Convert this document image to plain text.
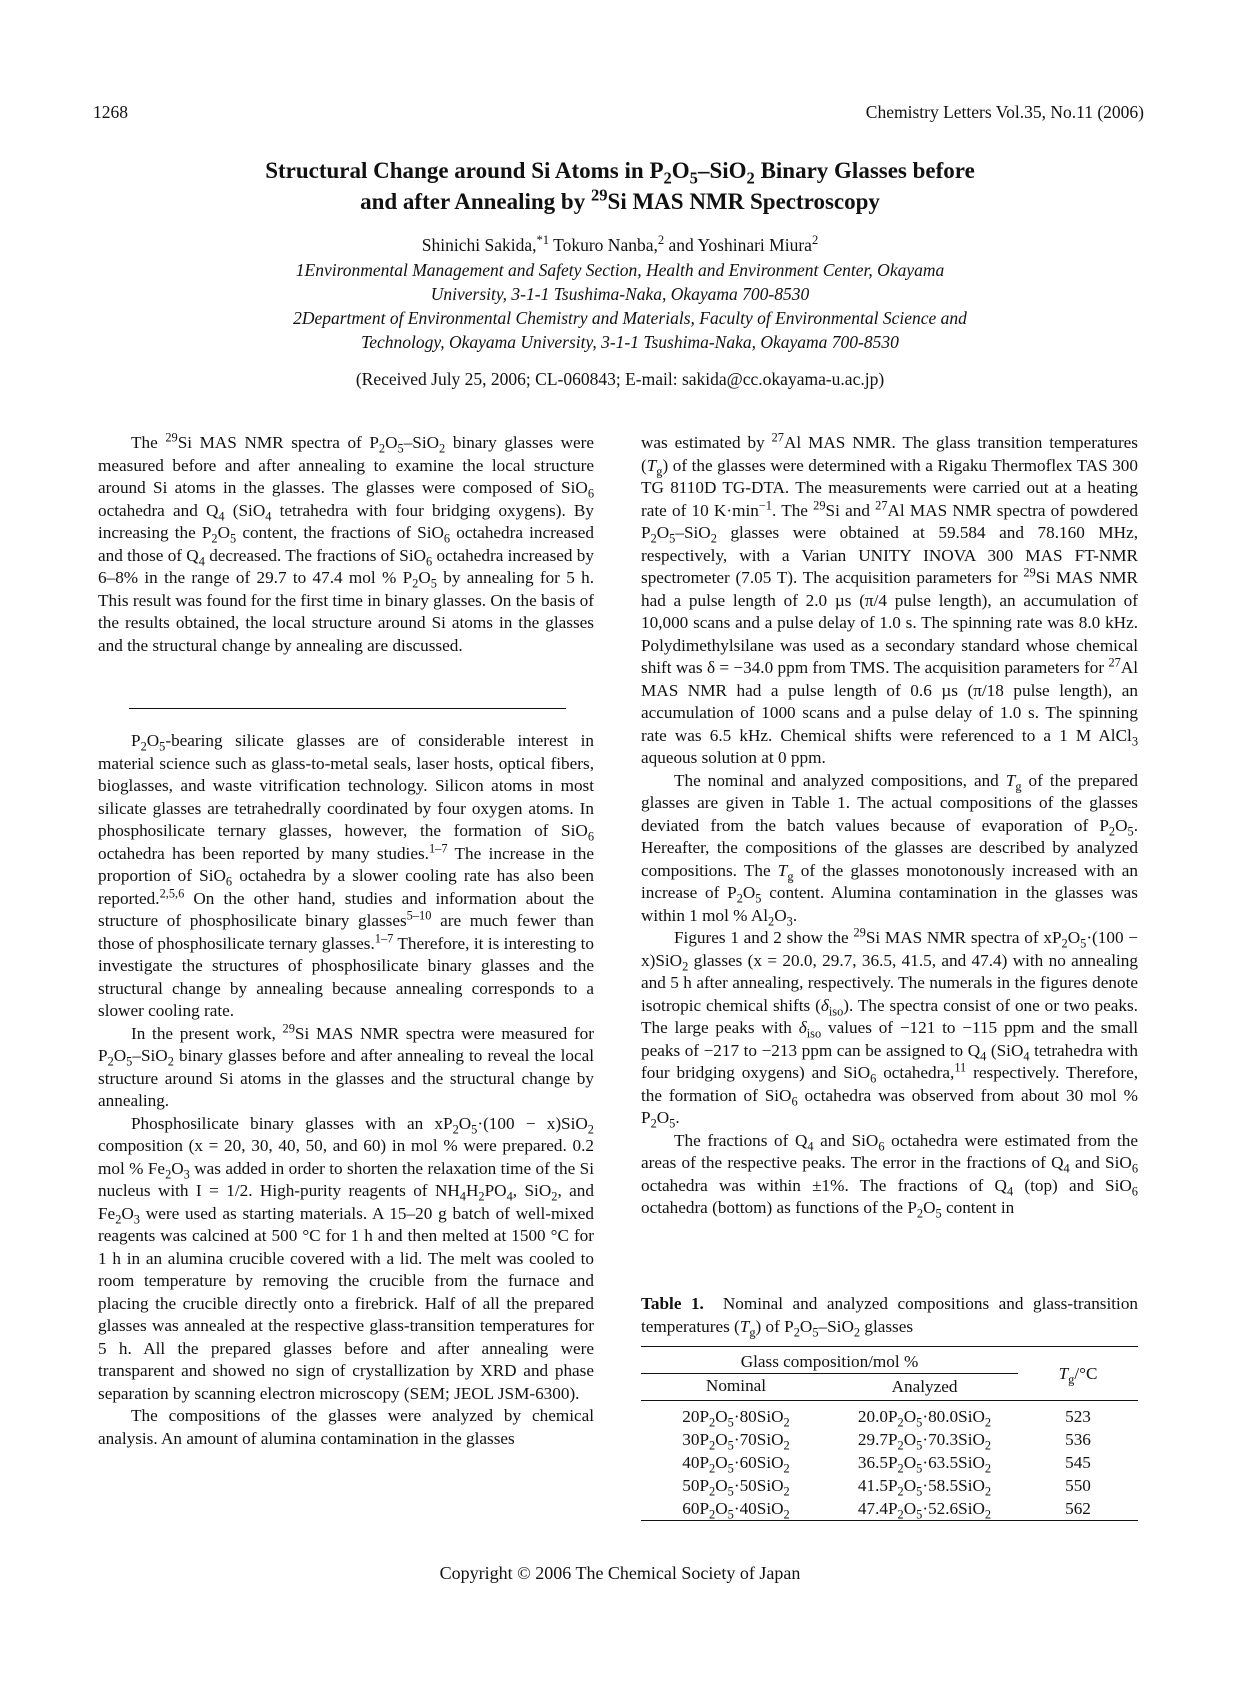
1268	Chemistry Letters Vol.35, No.11 (2006)
Structural Change around Si Atoms in $P_2O_5-SiO_2$ Binary Glasses before
and after Annealing by $^{29}$Si MAS NMR Spectroscopy
Shinichi Sakida,$^{*1}$ Tokuro Nanba,$^2$ and Yoshinari Miura$^2$
1Environmental Management and Safety Section, Health and Environment Center, Okayama University, 3-1-1 Tsushima-Naka, Okayama 700-8530
2Department of Environmental Chemistry and Materials, Faculty of Environmental Science and Technology, Okayama University, 3-1-1 Tsushima-Naka, Okayama 700-8530
(Received July 25, 2006; CL-060843; E-mail: sakida@cc.okayama-u.ac.jp)

The $^{29}$Si MAS NMR spectra of $P_2O_5-SiO_2$ binary glasses were measured before and after annealing to examine the local structure around Si atoms in the glasses. The glasses were composed of SiO$_6$ octahedra and $Q_4$ (SiO$_4$ tetrahedra with four bridging oxygens). By increasing the $P_2O_5$ content, the fractions of SiO$_6$ octahedra increased and those of $Q_4$ decreased. The fractions of SiO$_6$ octahedra increased by 6–8% in the range of 29.7 to 47.4 mol % $P_2O_5$ by annealing for 5 h. This result was found for the first time in binary glasses. On the basis of the results obtained, the local structure around Si atoms in the glasses and the structural change by annealing are discussed.

$P_2O_5$-bearing silicate glasses are of considerable interest in material science such as glass-to-metal seals, laser hosts, optical fibers, bioglasses, and waste vitrification technology. Silicon atoms in most silicate glasses are tetrahedrally coordinated by four oxygen atoms. In phosphosilicate ternary glasses, however, the formation of SiO$_6$ octahedra has been reported by many studies.$^{1-7}$ The increase in the proportion of SiO$_6$ octahedra by a slower cooling rate has also been reported.$^{2,5,6}$ On the other hand, studies and information about the structure of phosphosilicate binary glasses$^{5-10}$ are much fewer than those of phosphosilicate ternary glasses.$^{1-7}$ Therefore, it is interesting to investigate the structures of phosphosilicate binary glasses and the structural change by annealing because annealing corresponds to a slower cooling rate.

In the present work, $^{29}$Si MAS NMR spectra were measured for $P_2O_5-SiO_2$ binary glasses before and after annealing to reveal the local structure around Si atoms in the glasses and the structural change by annealing.

Phosphosilicate binary glasses with an $xP_2O_5\cdot(100 - x)SiO_2$ composition (x = 20, 30, 40, 50, and 60) in mol % were prepared. 0.2 mol % $Fe_2O_3$ was added in order to shorten the relaxation time of the Si nucleus with I = 1/2. High-purity reagents of $NH_4H_2PO_4$, SiO$_2$, and $Fe_2O_3$ were used as starting materials. A 15–20 g batch of well-mixed reagents was calcined at 500 °C for 1 h and then melted at 1500 °C for 1 h in an alumina crucible covered with a lid. The melt was cooled to room temperature by removing the crucible from the furnace and placing the crucible directly onto a firebrick. Half of all the prepared glasses was annealed at the respective glass-transition temperatures for 5 h. All the prepared glasses before and after annealing were transparent and showed no sign of crystallization by XRD and phase separation by scanning electron microscopy (SEM; JEOL JSM-6300).

The compositions of the glasses were analyzed by chemical analysis. An amount of alumina contamination in the glasses

was estimated by $^{27}$Al MAS NMR. The glass transition temperatures $(T_g)$ of the glasses were determined with a Rigaku Thermoflex TAS 300 TG 8110D TG-DTA. The measurements were carried out at a heating rate of 10 $K\cdot\min^{-1}$. The $^{29}$Si and $^{27}$Al MAS NMR spectra of powdered $P_2O_5-SiO_2$ glasses were obtained at 59.584 and 78.160 MHz, respectively, with a Varian UNITY INOVA 300 MAS FT-NMR spectrometer (7.05 T). The acquisition parameters for $^{29}$Si MAS NMR had a pulse length of 2.0 µs (π/4 pulse length), an accumulation of 10,000 scans and a pulse delay of 1.0 s. The spinning rate was 8.0 kHz. Polydimethylsilane was used as a secondary standard whose chemical shift was δ = −34.0 ppm from TMS. The acquisition parameters for $^{27}$Al MAS NMR had a pulse length of 0.6 µs (π/18 pulse length), an accumulation of 1000 scans and a pulse delay of 1.0 s. The spinning rate was 6.5 kHz. Chemical shifts were referenced to a 1 M AlCl$_3$ aqueous solution at 0 ppm.

The nominal and analyzed compositions, and $T_g$ of the prepared glasses are given in Table 1. The actual compositions of the glasses deviated from the batch values because of evaporation of $P_2O_5$. Hereafter, the compositions of the glasses are described by analyzed compositions. The $T_g$ of the glasses monotonously increased with an increase of $P_2O_5$ content. Alumina contamination in the glasses was within 1 mol % $Al_2O_3$.

Figures 1 and 2 show the $^{29}$Si MAS NMR spectra of $xP_2O_5\cdot(100 - x)SiO_2$ glasses (x = 20.0, 29.7, 36.5, 41.5, and 47.4) with no annealing and 5 h after annealing, respectively. The numerals in the figures denote isotropic chemical shifts $(\delta_{iso})$. The spectra consist of one or two peaks. The large peaks with $\delta_{iso}$ values of −121 to −115 ppm and the small peaks of −217 to −213 ppm can be assigned to $Q_4$ (SiO$_4$ tetrahedra with four bridging oxygens) and SiO$_6$ octahedra,$^{11}$ respectively. Therefore, the formation of SiO$_6$ octahedra was observed from about 30 mol % $P_2O_5$.

The fractions of $Q_4$ and SiO$_6$ octahedra were estimated from the areas of the respective peaks. The error in the fractions of $Q_4$ and SiO$_6$ octahedra was within ±1%. The fractions of $Q_4$ (top) and SiO$_6$ octahedra (bottom) as functions of the $P_2O_5$ content in

Table 1. Nominal and analyzed compositions and glass-transition temperatures $(T_g)$ of $P_2O_5-SiO_2$ glasses
Glass composition/mol %		$T_g/^\circ C$
Nominal	Analyzed	
$20P_2O_5\cdot 80SiO_2$	$20.0P_2O_5\cdot 80.0SiO_2$	523
$30P_2O_5\cdot 70SiO_2$	$29.7P_2O_5\cdot 70.3SiO_2$	536
$40P_2O_5\cdot 60SiO_2$	$36.5P_2O_5\cdot 63.5SiO_2$	545
$50P_2O_5\cdot 50SiO_2$	$41.5P_2O_5\cdot 58.5SiO_2$	550
$60P_2O_5\cdot 40SiO_2$	$47.4P_2O_5\cdot 52.6SiO_2$	562
Copyright © 2006 The Chemical Society of Japan
